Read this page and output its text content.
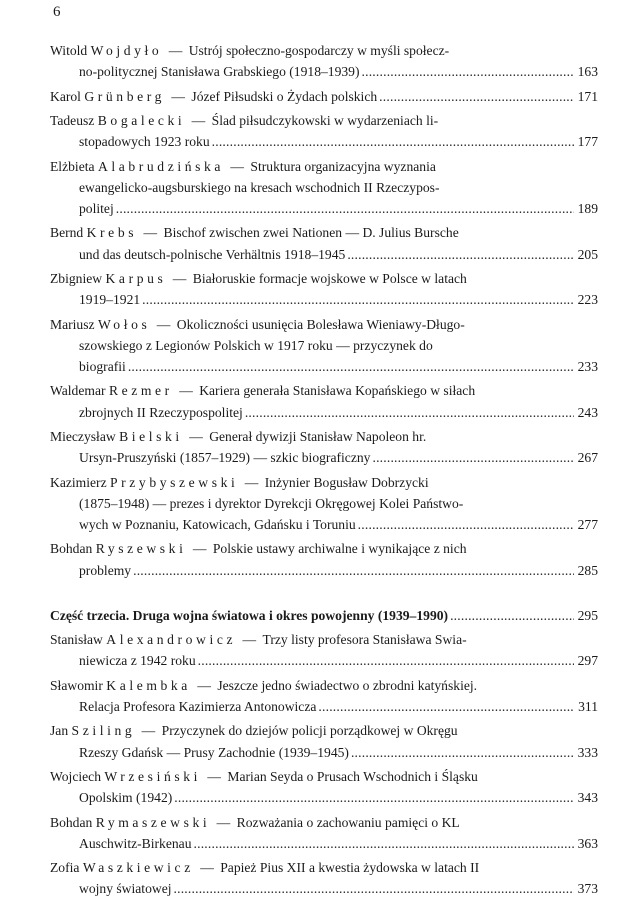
6
Witold Wojdyło — Ustrój społeczno-gospodarczy w myśli społecz-

no-politycznej Stanisława Grabskiego (1918–1939) .....	163
Karol Grünberg — Józef Piłsudski o Żydach polskich .....	171
Tadeusz Bogalecki — Ślad piłsudczykowski w wydarzeniach li-

stopadowych 1923 roku .....	177
Elżbieta Alabrudzińska — Struktura organizacyjna wyznania
ewangelicko-augsburskiego na kresach wschodnich II Rzeczypos-

politej .....	189
Bernd Krebs — Bischof zwischen zwei Nationen — D. Julius Bursche

und das deutsch-polnische Verhältnis 1918–1945 .....	205
Zbigniew Karpus — Białoruskie formacje wojskowe w Polsce w latach

1919–1921 .....	223
Mariusz Wołos — Okoliczności usunięcia Bolesława Wieniawy-Długo-
szowskiego z Legionów Polskich w 1917 roku — przyczynek do

biografii .....	233
Waldemar Rezmer — Kariera generała Stanisława Kopańskiego w siłach

zbrojnych II Rzeczypospolitej .....	243
Mieczysław Bielski — Generał dywizji Stanisław Napoleon hr.

Ursyn-Pruszyński (1857–1929) — szkic biograficzny .....	267
Kazimierz Przybyszewski — Inżynier Bogusław Dobrzycki
(1875–1948) — prezes i dyrektor Dyrekcji Okręgowej Kolei Państwo-

wych w Poznaniu, Katowicach, Gdańsku i Toruniu .....	277
Bohdan Ryszewski — Polskie ustawy archiwalne i wynikające z nich

problemy .....	285
Część trzecia. Druga wojna światowa i okres powojenny (1939–1990) .....	295
Stanisław Alexandrowicz — Trzy listy profesora Stanisława Swia-

niewicza z 1942 roku .....	297
Sławomir Kalembka — Jeszcze jedno świadectwo o zbrodni katyńskiej.

Relacja Profesora Kazimierza Antonowicza .....	311
Jan Sziling — Przyczynek do dziejów policji porządkowej w Okręgu

Rzeszy Gdańsk — Prusy Zachodnie (1939–1945) .....	333
Wojciech Wrzesiński — Marian Seyda o Prusach Wschodnich i Śląsku

Opolskim (1942) .....	343
Bohdan Rymaszewski — Rozważania o zachowaniu pamięci o KL

Auschwitz-Birkenau .....	363
Zofia Waszkiewicz — Papież Pius XII a kwestia żydowska w latach II

wojny światowej .....	373
